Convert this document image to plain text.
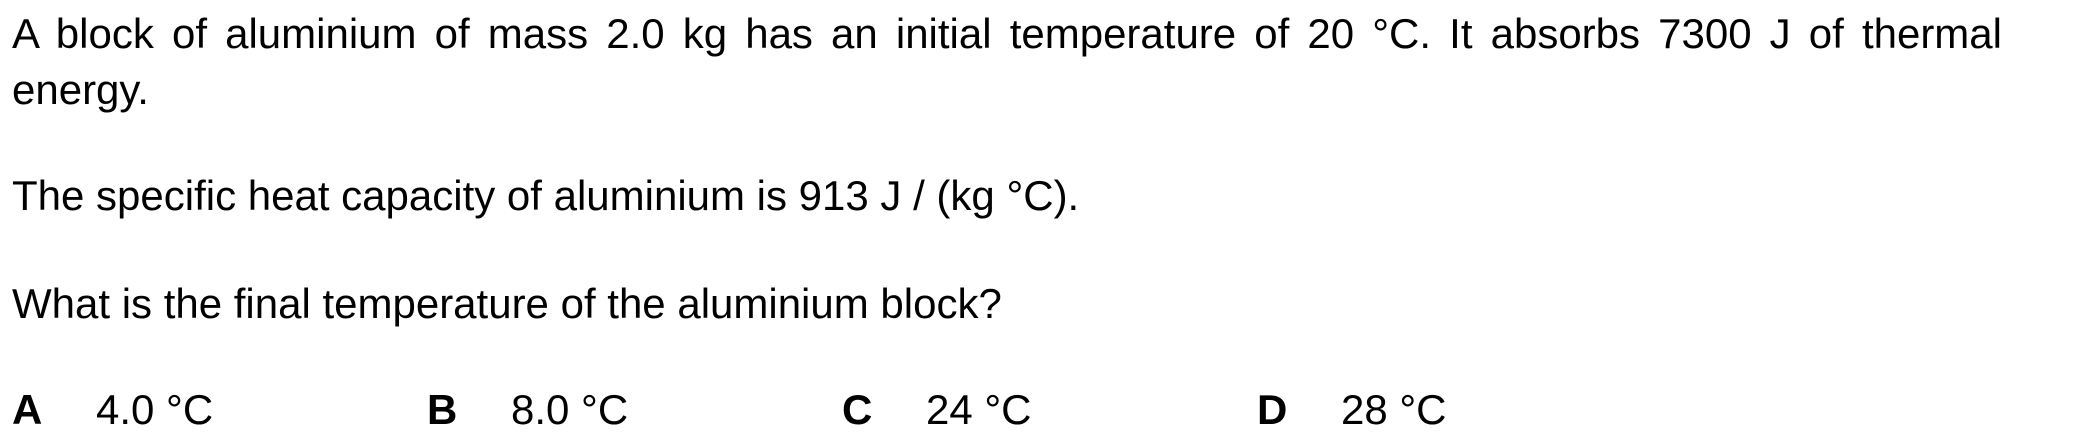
A block of aluminium of mass 2.0 kg has an initial temperature of 20 °C. It absorbs 7300 J of thermal energy.

The specific heat capacity of aluminium is 913 J / (kg °C).

What is the final temperature of the aluminium block?

A 4.0 °C	B 8.0 °C	C 24 °C	D 28 °C
